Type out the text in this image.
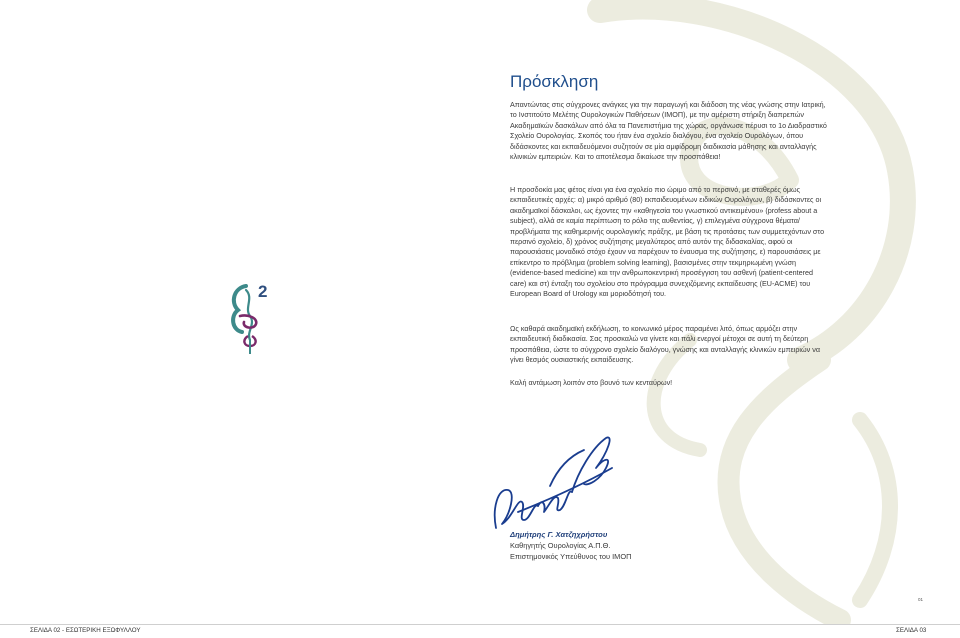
2
Πρόσκληση
Απαντώντας στις σύγχρονες ανάγκες για την παραγωγή και διάδοση της νέας γνώσης στην Ιατρική, το Ινστιτούτο Μελέτης Ουρολογικών Παθήσεων (ΙΜΟΠ), με την αμέριστη στήριξη διαπρεπών Ακαδημαϊκών δασκάλων από όλα τα Πανεπιστήμια της χώρας, οργάνωσε πέρυσι το 1ο Διαδραστικό Σχολείο Ουρολογίας. Σκοπός του ήταν ένα σχολείο διαλόγου, ένα σχολείο Ουρολόγων, όπου διδάσκοντες και εκπαιδευόμενοι συζητούν σε μία αμφίδρομη διαδικασία μάθησης και ανταλλαγής κλινικών εμπειριών. Και το αποτέλεσμα δικαίωσε την προσπάθεια!
Η προσδοκία μας φέτος είναι για ένα σχολείο πιο ώριμο από το περσινό, με σταθερές όμως εκπαιδευτικές αρχές: α) μικρό αριθμό (80) εκπαιδευομένων ειδικών Ουρολόγων, β) διδάσκοντες οι ακαδημαϊκοί δάσκαλοι, ως έχοντες την «καθηγεσία του γνωστικού αντικειμένου» (profess about a subject), αλλά σε καμία περίπτωση το ρόλο της αυθεντίας, γ) επιλεγμένα σύγχρονα θέματα/προβλήματα της καθημερινής ουρολογικής πράξης, με βάση τις προτάσεις των συμμετεχόντων στο περσινό σχολείο, δ) χρόνος συζήτησης μεγαλύτερος από αυτόν της διδασκαλίας, αφού οι παρουσιάσεις μοναδικό στόχο έχουν να παρέχουν το έναυσμα της συζήτησης, ε) παρουσιάσεις με επίκεντρο το πρόβλημα (problem solving learning), βασισμένες στην τεκμηριωμένη γνώση (evidence-based medicine) και την ανθρωποκεντρική προσέγγιση του ασθενή (patient-centered care) και στ) ένταξη του σχολείου στο πρόγραμμα συνεχιζόμενης εκπαίδευσης (EU-ACME) του European Board of Urology και μοριοδότησή του.
Ως καθαρά ακαδημαϊκή εκδήλωση, το κοινωνικό μέρος παραμένει λιτό, όπως αρμόζει στην εκπαιδευτική διαδικασία. Σας προσκαλώ να γίνετε και πάλι ενεργοί μέτοχοι σε αυτή τη δεύτερη προσπάθεια, ώστε το σύγχρονο σχολείο διαλόγου, γνώσης και ανταλλαγής κλινικών εμπειριών να γίνει θεσμός ουσιαστικής εκπαίδευσης.
Καλή αντάμωση λοιπόν στο βουνό των κενταύρων!
Δημήτρης Γ. Χατζηχρήστου
Καθηγητής Ουρολογίας Α.Π.Θ.
Επιστημονικός Υπεύθυνος του ΙΜΟΠ
01
ΣΕΛΙΔΑ 02 - ΕΣΩΤΕΡΙΚΗ ΕΞΩΦΥΛΛΟΥ	ΣΕΛΙΔΑ 03
